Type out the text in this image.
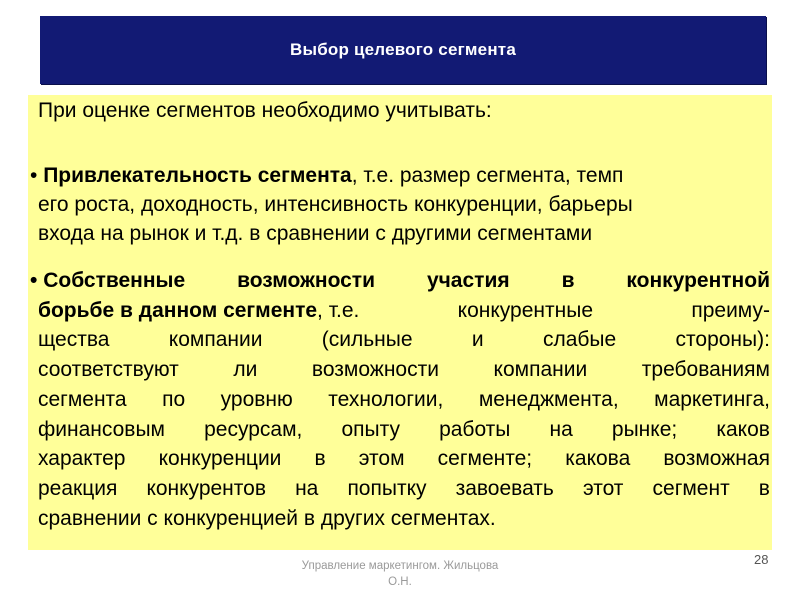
Выбор целевого сегмента
При оценке сегментов необходимо учитывать:
• Привлекательность сегмента, т.е. размер сегмента, темп
его роста, доходность, интенсивность конкуренции, барьеры
входа на рынок и т.д. в сравнении с другими сегментами
• Собственные возможности участия в конкурентной
борьбе в данном сегменте, т.е.	конкурентные	преиму-
щества	компании	(сильные	и	слабые	стороны):
соответствуют	ли	возможности	компании	требованиям
сегмента по уровню технологии, менеджмента, маркетинга,
финансовым ресурсам, опыту работы на рынке; каков
характер конкуренции в этом сегменте; какова возможная
реакция конкурентов на попытку завоевать этот сегмент в
сравнении с конкуренцией в других сегментах.
Управление маркетингом. Жильцова
О.Н.
28
